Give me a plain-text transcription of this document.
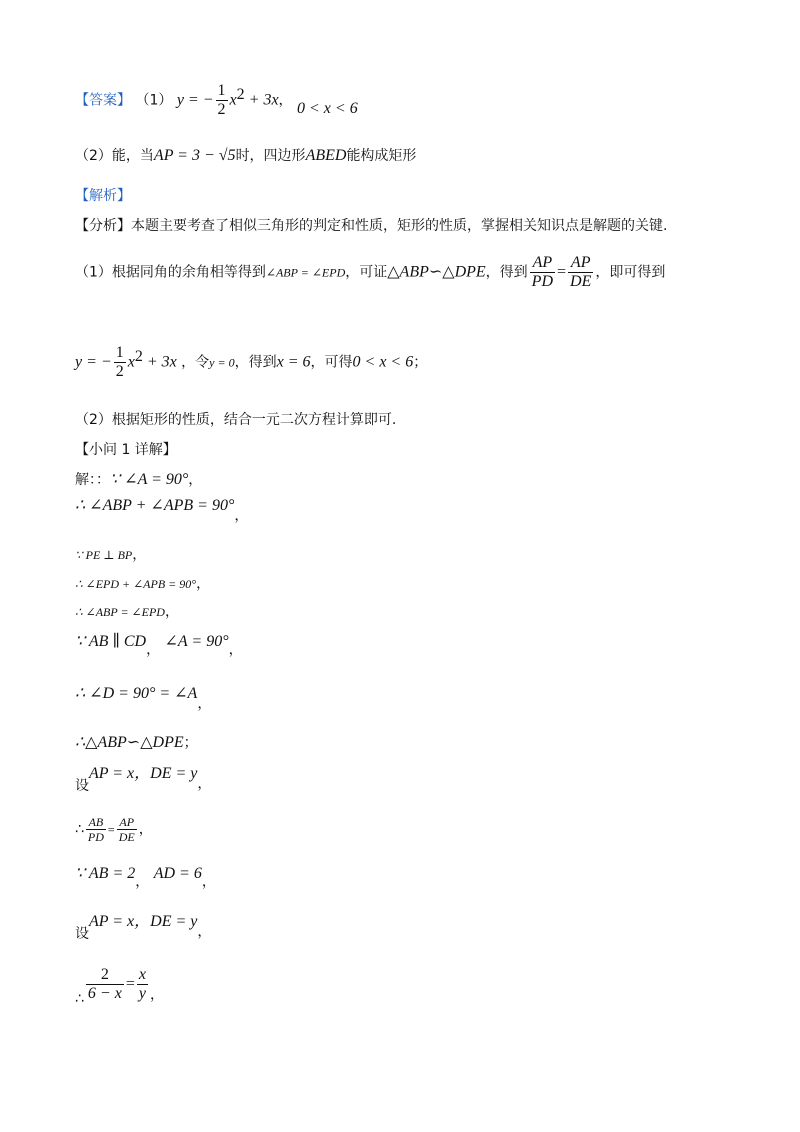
【答案】 （1） y = − $\frac{1}{2} x^2 + 3x$， 0 < x < 6
（2）能，当AP = 3 − √5时，四边形ABED能构成矩形
【解析】
【分析】本题主要考查了相似三角形的判定和性质，矩形的性质，掌握相关知识点是解题的关键.
（1）根据同角的余角相等得到∠ABP = ∠EPD，可证△ABP∽△DPE，得到 $\frac{AP}{PD} = \frac{AP}{DE}$ ，即可得到
y = − $\frac{1}{2} x^2 + 3x$ ，令y = 0，得到x = 6，可得0 < x < 6；
（2）根据矩形的性质，结合一元二次方程计算即可.
【小问 1 详解】
解：：∵ ∠A = 90°，
∴ ∠ABP + ∠APB = 90°，
∵ PE ⊥ BP，
∴ ∠EPD + ∠APB = 90°，
∴ ∠ABP = ∠EPD，
∵ AB ∥ CD， ∠A = 90°，
∴ ∠D = 90° = ∠A，
∴△ABP∽△DPE；
设AP = x，DE = y，
∴ $\frac{AB}{PD} = \frac{AP}{DE}$ ，
∵ AB = 2， AD = 6，
设AP = x，DE = y，
∴ $\frac{2}{6 - x} = \frac{x}{y}$ ，
